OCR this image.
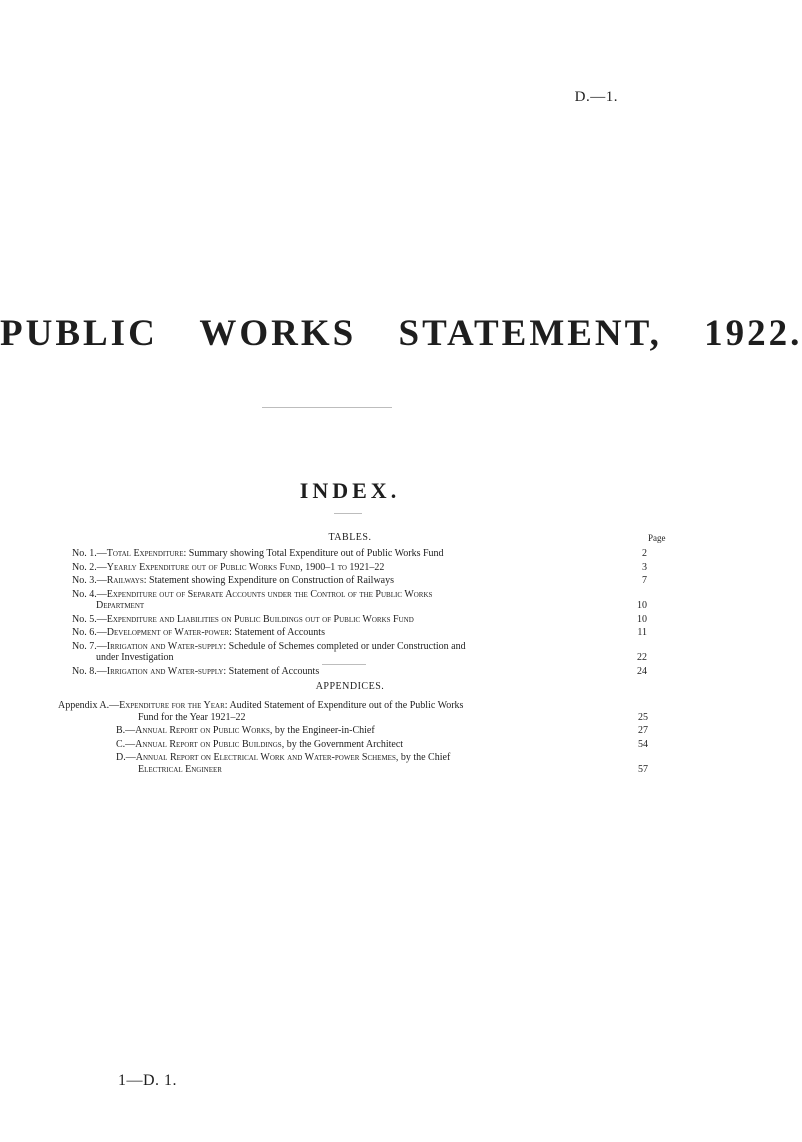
D.—1.
PUBLIC WORKS STATEMENT, 1922.
INDEX.
TABLES.	Page
No. 1.—Total Expenditure: Summary showing Total Expenditure out of Public Works Fund	2
No. 2.—Yearly Expenditure out of Public Works Fund, 1900–1 to 1921–22	3
No. 3.—Railways: Statement showing Expenditure on Construction of Railways	7
No. 4.—Expenditure out of Separate Accounts under the Control of the Public Works
Department	10
No. 5.—Expenditure and Liabilities on Public Buildings out of Public Works Fund	10
No. 6.—Development of Water-power: Statement of Accounts	11
No. 7.—Irrigation and Water-supply: Schedule of Schemes completed or under Construction and
under Investigation	22
No. 8.—Irrigation and Water-supply: Statement of Accounts	24
APPENDICES.
Appendix A.—Expenditure for the Year: Audited Statement of Expenditure out of the Public Works
Fund for the Year 1921–22	25
B.—Annual Report on Public Works, by the Engineer-in-Chief	27
C.—Annual Report on Public Buildings, by the Government Architect	54
D.—Annual Report on Electrical Work and Water-power Schemes, by the Chief
Electrical Engineer	57
1—D. 1.
